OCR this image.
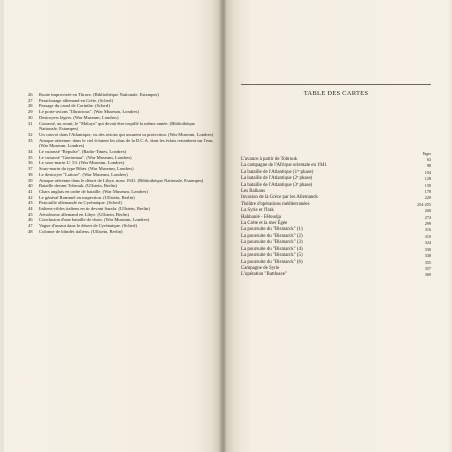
26 Route improvisée en Thrace. (Bibliothèque Nationale, Estampes)
27 Parachutage allemand en Crète. (Scherl)
28 Passage du canal de Corinthe. (Scherl)
29 Le porte-avions "Illustrious". (War Museum, Londres)
30 Destroyers légers. (War Museum, Londres)
31 Cuirassé, au avant, le "Malaya" qui devait être torpillé la même année. (Bibliothèque Nationale, Estampes)
32 Un convoi dans l'Atlantique, vu des avions qui assurent sa protection. (War Museum, Londres)
33 Attaque aérienne: dans le ciel éclatent les obus de la D.C.A. dont les éclats retombent sur l'eau. (War Museum, Londres)
34 Le cuirassé "Repulse". (Radio-Times, Londres)
35 Le cuirassé "Gneisenau". (War Museum, Londres)
36 Le sous-marin U. 53. (War Museum, Londres)
37 Sous-marin du type Biber. (War Museum, Londres)
38 Le destroyer "Lattore". (War Museum, Londres)
39 Attaque aérienne dans le désert de Libye, mars 1941. (Bibliothèque Nationale, Estampes)
40 Bataille devant Tobrouk. (Ullstein, Berlin)
41 Chars anglais en ordre de bataille. (War Museum, Londres)
42 Le général Rommel en inspection. (Ullstein, Berlin)
43 Patrouille allemande en Cyrénaïque. (Scherl)
44 Italiens-cibles italiens en tir devant Sarafa. (Ullstein, Berlin)
45 Aérodrome allemand en Libye. (Ullstein, Berlin)
46 Conclusion d'une bataille de chars. (War Museum, Londres)
47 Vague d'assaut dans le désert de Cyrénaïque. (Scherl)
48 Colonne de blindés italiens. (Ullstein, Berlin)
TABLE DES CARTES
Pages
L'avance à partir de Tobrouk	63
La campagne de l'Afrique orientale en 1941	98
La bataille de l'Atlantique (1ʳᵉ phase)	104
La bataille de l'Atlantique (2ᵉ phase)	128
La bataille de l'Atlantique (3ᵉ phase)	139
Les Balkans	178
Invasion de la Grèce par les Allemands	220
Théâtre d'opérations méditerranées	254-255
La Syrie et l'Irak	268
Habbanié - Fêloudja	274
La Crète et la mer Égée	299
La poursuite du "Bismarck" (1)	316
La poursuite du "Bismarck" (2)	319
La poursuite du "Bismarck" (3)	324
La poursuite du "Bismarck" (4)	330
La poursuite du "Bismarck" (5)	338
La poursuite du "Bismarck" (6)	355
Campagne de Syrie	357
L'opération "Battleaxe"	369
